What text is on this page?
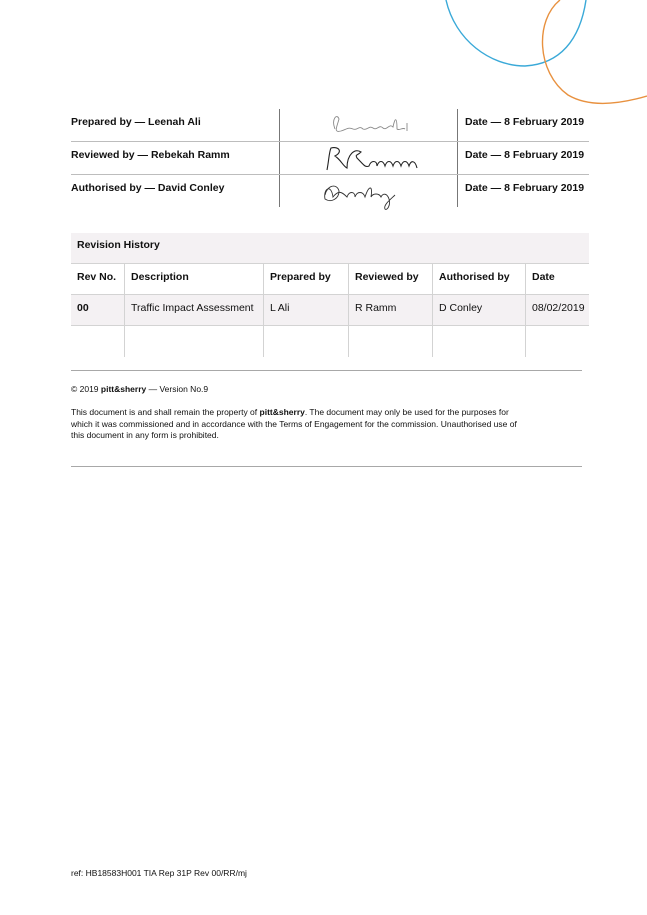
Prepared by — Leenah Ali	Date — 8 February 2019
Reviewed by — Rebekah Ramm	Date — 8 February 2019
Authorised by — David Conley	Date — 8 February 2019
Revision History
Rev No.	Description	Prepared by	Reviewed by	Authorised by	Date
00	Traffic Impact Assessment	L Ali	R Ramm	D Conley	08/02/2019
© 2019 pitt&sherry — Version No.9
This document is and shall remain the property of pitt&sherry. The document may only be used for the purposes for which it was commissioned and in accordance with the Terms of Engagement for the commission. Unauthorised use of this document in any form is prohibited.
ref: HB18583H001 TIA Rep 31P Rev 00/RR/mj
